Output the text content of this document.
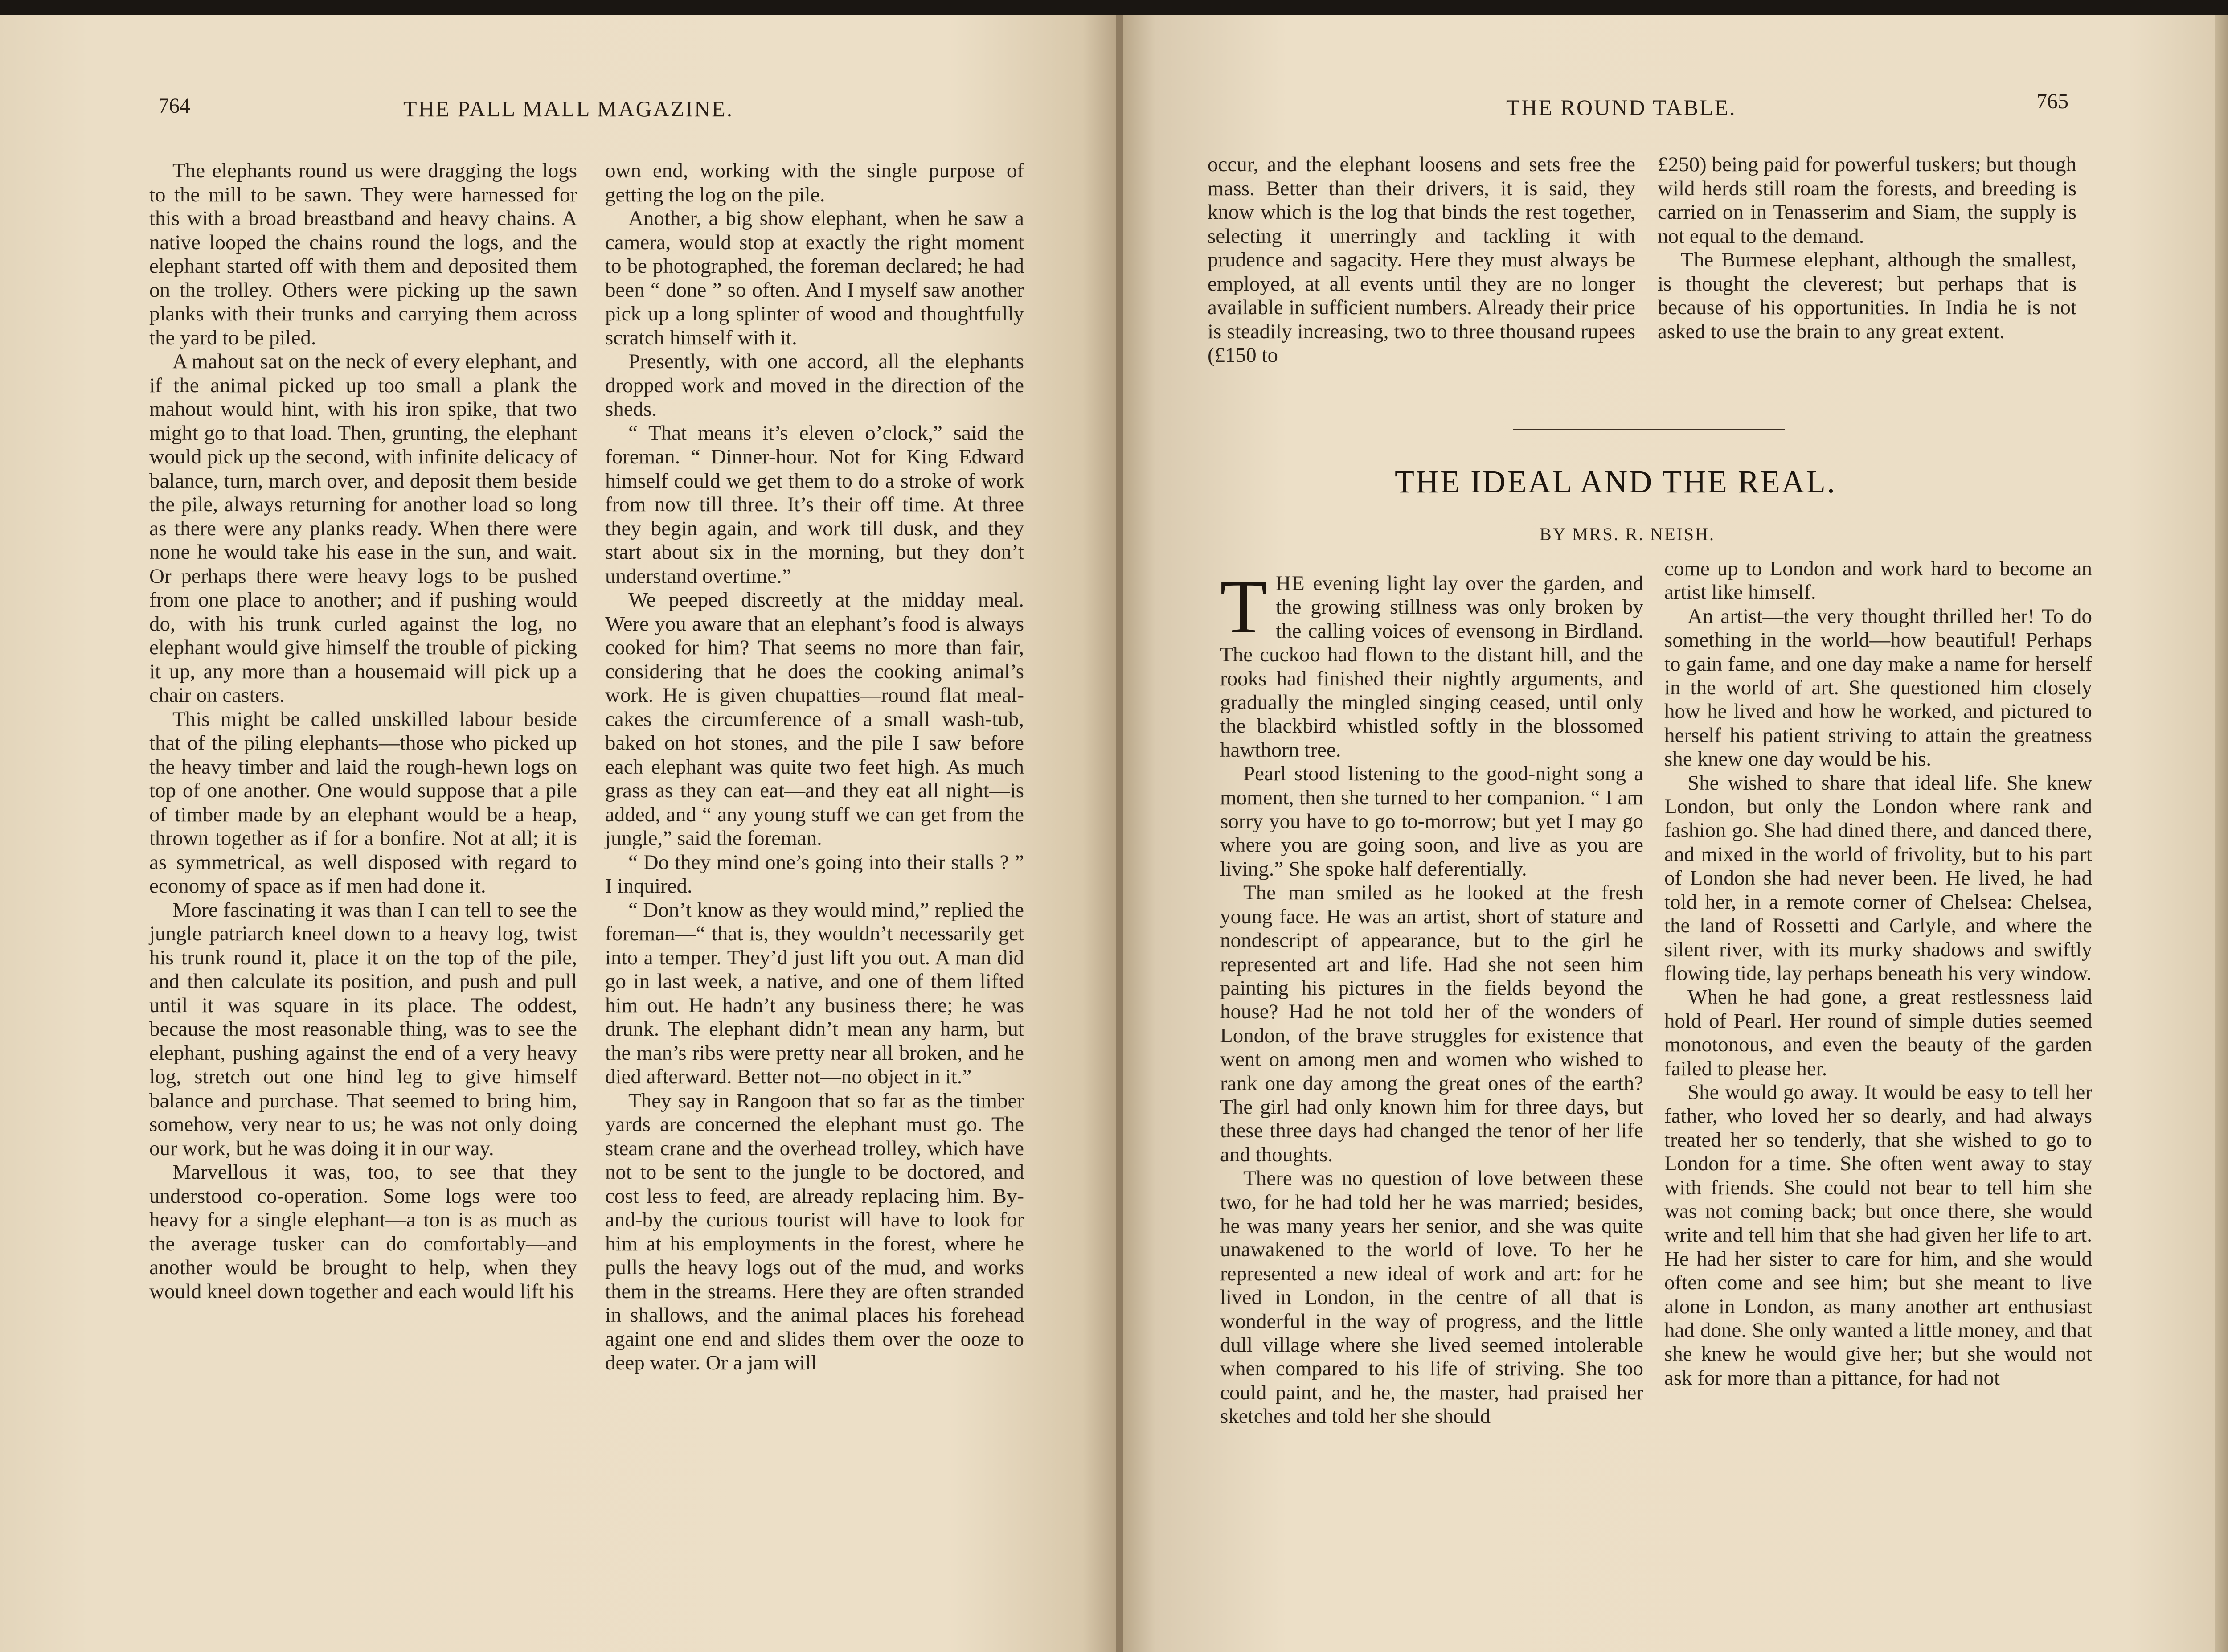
764	THE PALL MALL MAGAZINE.

The elephants round us were dragging the logs to the mill to be sawn. They were harnessed for this with a broad breastband and heavy chains. A native looped the chains round the logs, and the elephant started off with them and deposited them on the trolley. Others were picking up the sawn planks with their trunks and carrying them across the yard to be piled.

A mahout sat on the neck of every elephant, and if the animal picked up too small a plank the mahout would hint, with his iron spike, that two might go to that load. Then, grunting, the elephant would pick up the second, with infinite delicacy of balance, turn, march over, and deposit them beside the pile, always returning for another load so long as there were any planks ready. When there were none he would take his ease in the sun, and wait. Or perhaps there were heavy logs to be pushed from one place to another; and if pushing would do, with his trunk curled against the log, no elephant would give himself the trouble of picking it up, any more than a housemaid will pick up a chair on casters.

This might be called unskilled labour beside that of the piling elephants—those who picked up the heavy timber and laid the rough-hewn logs on top of one another. One would suppose that a pile of timber made by an elephant would be a heap, thrown together as if for a bonfire. Not at all; it is as symmetrical, as well disposed with regard to economy of space as if men had done it.

More fascinating it was than I can tell to see the jungle patriarch kneel down to a heavy log, twist his trunk round it, place it on the top of the pile, and then calculate its position, and push and pull until it was square in its place. The oddest, because the most reasonable thing, was to see the elephant, pushing against the end of a very heavy log, stretch out one hind leg to give himself balance and purchase. That seemed to bring him, somehow, very near to us; he was not only doing our work, but he was doing it in our way.

Marvellous it was, too, to see that they understood co-operation. Some logs were too heavy for a single elephant—a ton is as much as the average tusker can do comfortably—and another would be brought to help, when they would kneel down together and each would lift his

own end, working with the single purpose of getting the log on the pile.

Another, a big show elephant, when he saw a camera, would stop at exactly the right moment to be photographed, the foreman declared; he had been “ done ” so often. And I myself saw another pick up a long splinter of wood and thoughtfully scratch himself with it.

Presently, with one accord, all the elephants dropped work and moved in the direction of the sheds.

“ That means it’s eleven o’clock,” said the foreman. “ Dinner-hour. Not for King Edward himself could we get them to do a stroke of work from now till three. It’s their off time. At three they begin again, and work till dusk, and they start about six in the morning, but they don’t understand overtime.”

We peeped discreetly at the midday meal. Were you aware that an elephant’s food is always cooked for him? That seems no more than fair, considering that he does the cooking animal’s work. He is given chupatties—round flat meal-cakes the circumference of a small wash-tub, baked on hot stones, and the pile I saw before each elephant was quite two feet high. As much grass as they can eat—and they eat all night—is added, and “ any young stuff we can get from the jungle,” said the foreman.

“ Do they mind one’s going into their stalls ? ” I inquired.

“ Don’t know as they would mind,” replied the foreman—“ that is, they wouldn’t necessarily get into a temper. They’d just lift you out. A man did go in last week, a native, and one of them lifted him out. He hadn’t any business there; he was drunk. The elephant didn’t mean any harm, but the man’s ribs were pretty near all broken, and he died afterward. Better not—no object in it.”

They say in Rangoon that so far as the timber yards are concerned the elephant must go. The steam crane and the overhead trolley, which have not to be sent to the jungle to be doctored, and cost less to feed, are already replacing him. By-and-by the curious tourist will have to look for him at his employments in the forest, where he pulls the heavy logs out of the mud, and works them in the streams. Here they are often stranded in shallows, and the animal places his forehead againt one end and slides them over the ooze to deep water. Or a jam will

THE ROUND TABLE.	765

occur, and the elephant loosens and sets free the mass. Better than their drivers, it is said, they know which is the log that binds the rest together, selecting it unerringly and tackling it with prudence and sagacity. Here they must always be employed, at all events until they are no longer available in sufficient numbers. Already their price is steadily increasing, two to three thousand rupees (£150 to

£250) being paid for powerful tuskers; but though wild herds still roam the forests, and breeding is carried on in Tenasserim and Siam, the supply is not equal to the demand.

The Burmese elephant, although the smallest, is thought the cleverest; but perhaps that is because of his opportunities. In India he is not asked to use the brain to any great extent.

THE IDEAL AND THE REAL.
BY MRS. R. NEISH.

THE evening light lay over the garden, and the growing stillness was only broken by the calling voices of evensong in Birdland. The cuckoo had flown to the distant hill, and the rooks had finished their nightly arguments, and gradually the mingled singing ceased, until only the blackbird whistled softly in the blossomed hawthorn tree.

Pearl stood listening to the good-night song a moment, then she turned to her companion. “ I am sorry you have to go to-morrow; but yet I may go where you are going soon, and live as you are living.” She spoke half deferentially.

The man smiled as he looked at the fresh young face. He was an artist, short of stature and nondescript of appearance, but to the girl he represented art and life. Had she not seen him painting his pictures in the fields beyond the house? Had he not told her of the wonders of London, of the brave struggles for existence that went on among men and women who wished to rank one day among the great ones of the earth? The girl had only known him for three days, but these three days had changed the tenor of her life and thoughts.

There was no question of love between these two, for he had told her he was married; besides, he was many years her senior, and she was quite unawakened to the world of love. To her he represented a new ideal of work and art: for he lived in London, in the centre of all that is wonderful in the way of progress, and the little dull village where she lived seemed intolerable when compared to his life of striving. She too could paint, and he, the master, had praised her sketches and told her she should

come up to London and work hard to become an artist like himself.

An artist—the very thought thrilled her! To do something in the world—how beautiful! Perhaps to gain fame, and one day make a name for herself in the world of art. She questioned him closely how he lived and how he worked, and pictured to herself his patient striving to attain the greatness she knew one day would be his.

She wished to share that ideal life. She knew London, but only the London where rank and fashion go. She had dined there, and danced there, and mixed in the world of frivolity, but to his part of London she had never been. He lived, he had told her, in a remote corner of Chelsea: Chelsea, the land of Rossetti and Carlyle, and where the silent river, with its murky shadows and swiftly flowing tide, lay perhaps beneath his very window.

When he had gone, a great restlessness laid hold of Pearl. Her round of simple duties seemed monotonous, and even the beauty of the garden failed to please her.

She would go away. It would be easy to tell her father, who loved her so dearly, and had always treated her so tenderly, that she wished to go to London for a time. She often went away to stay with friends. She could not bear to tell him she was not coming back; but once there, she would write and tell him that she had given her life to art. He had her sister to care for him, and she would often come and see him; but she meant to live alone in London, as many another art enthusiast had done. She only wanted a little money, and that she knew he would give her; but she would not ask for more than a pittance, for had not
